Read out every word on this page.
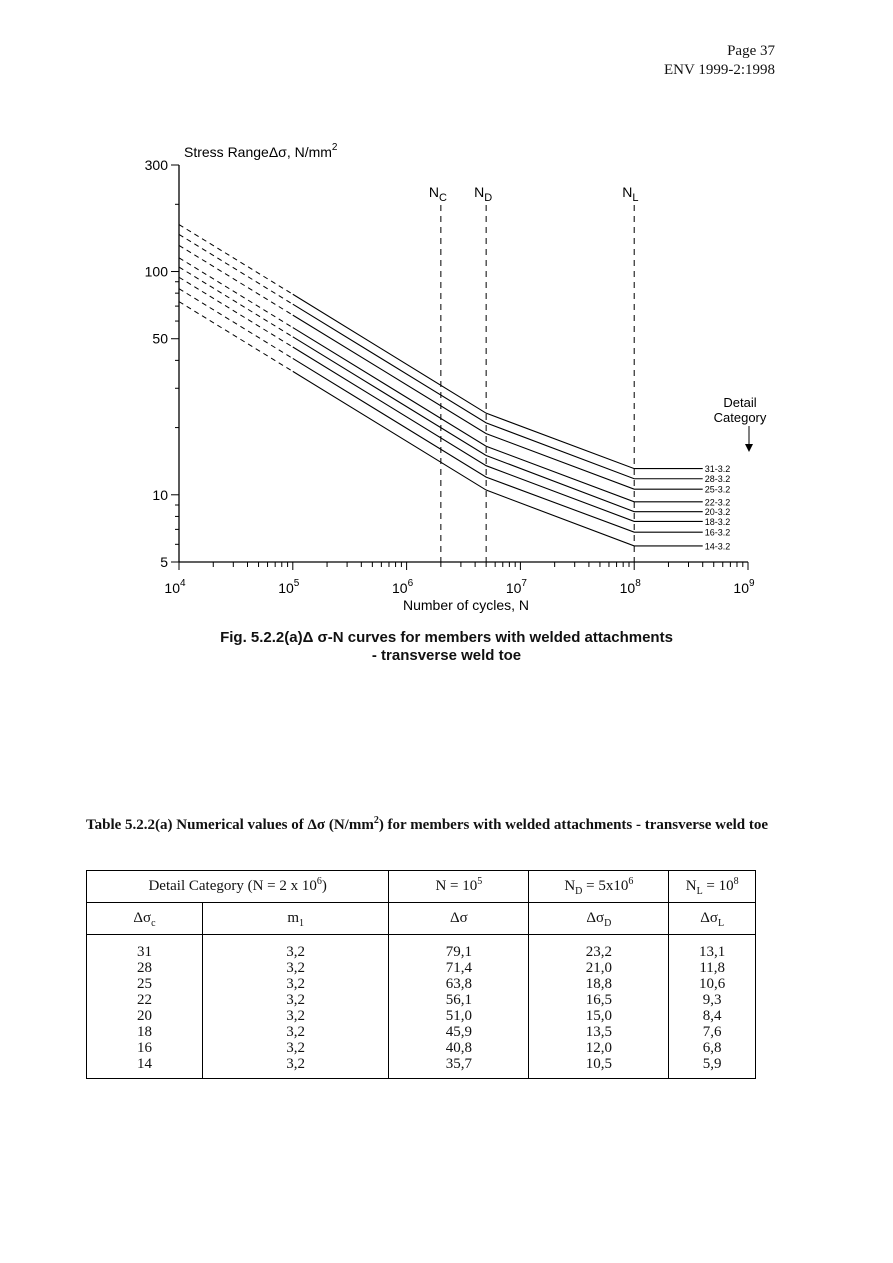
Page 37
ENV 1999-2:1998
300
100
50
10
5
$10^4$	$10^5$	$10^6$	$10^7$	$10^8$	$10^9$
Stress RangeΔσ, $N/mm^2$
Number of cycles, N
$N_C$ $N_D$	$N_L$
31-3.2
28-3.2
25-3.2
22-3.2
20-3.2
18-3.2
16-3.2
14-3.2
Detail
Category
Fig. 5.2.2(a)Δ σ-N curves for members with welded attachments
- transverse weld toe
Table 5.2.2(a) Numerical values of Δσ $(N/mm^2)$ for members with welded attachments - transverse weld toe
Detail Category (N = 2 x $10^6$)		$N = 10^5$	$N_D = 5x10^6$	$N_L = 10^8$
$\Delta\sigma_c$	$m_1$	Δσ	$\Delta\sigma_D$	$\Delta\sigma_L$
31	3,2	79,1	23,2	13,1
28	3,2	71,4	21,0	11,8
25	3,2	63,8	18,8	10,6
22	3,2	56,1	16,5	9,3
20	3,2	51,0	15,0	8,4
18	3,2	45,9	13,5	7,6
16	3,2	40,8	12,0	6,8
14	3,2	35,7	10,5	5,9
